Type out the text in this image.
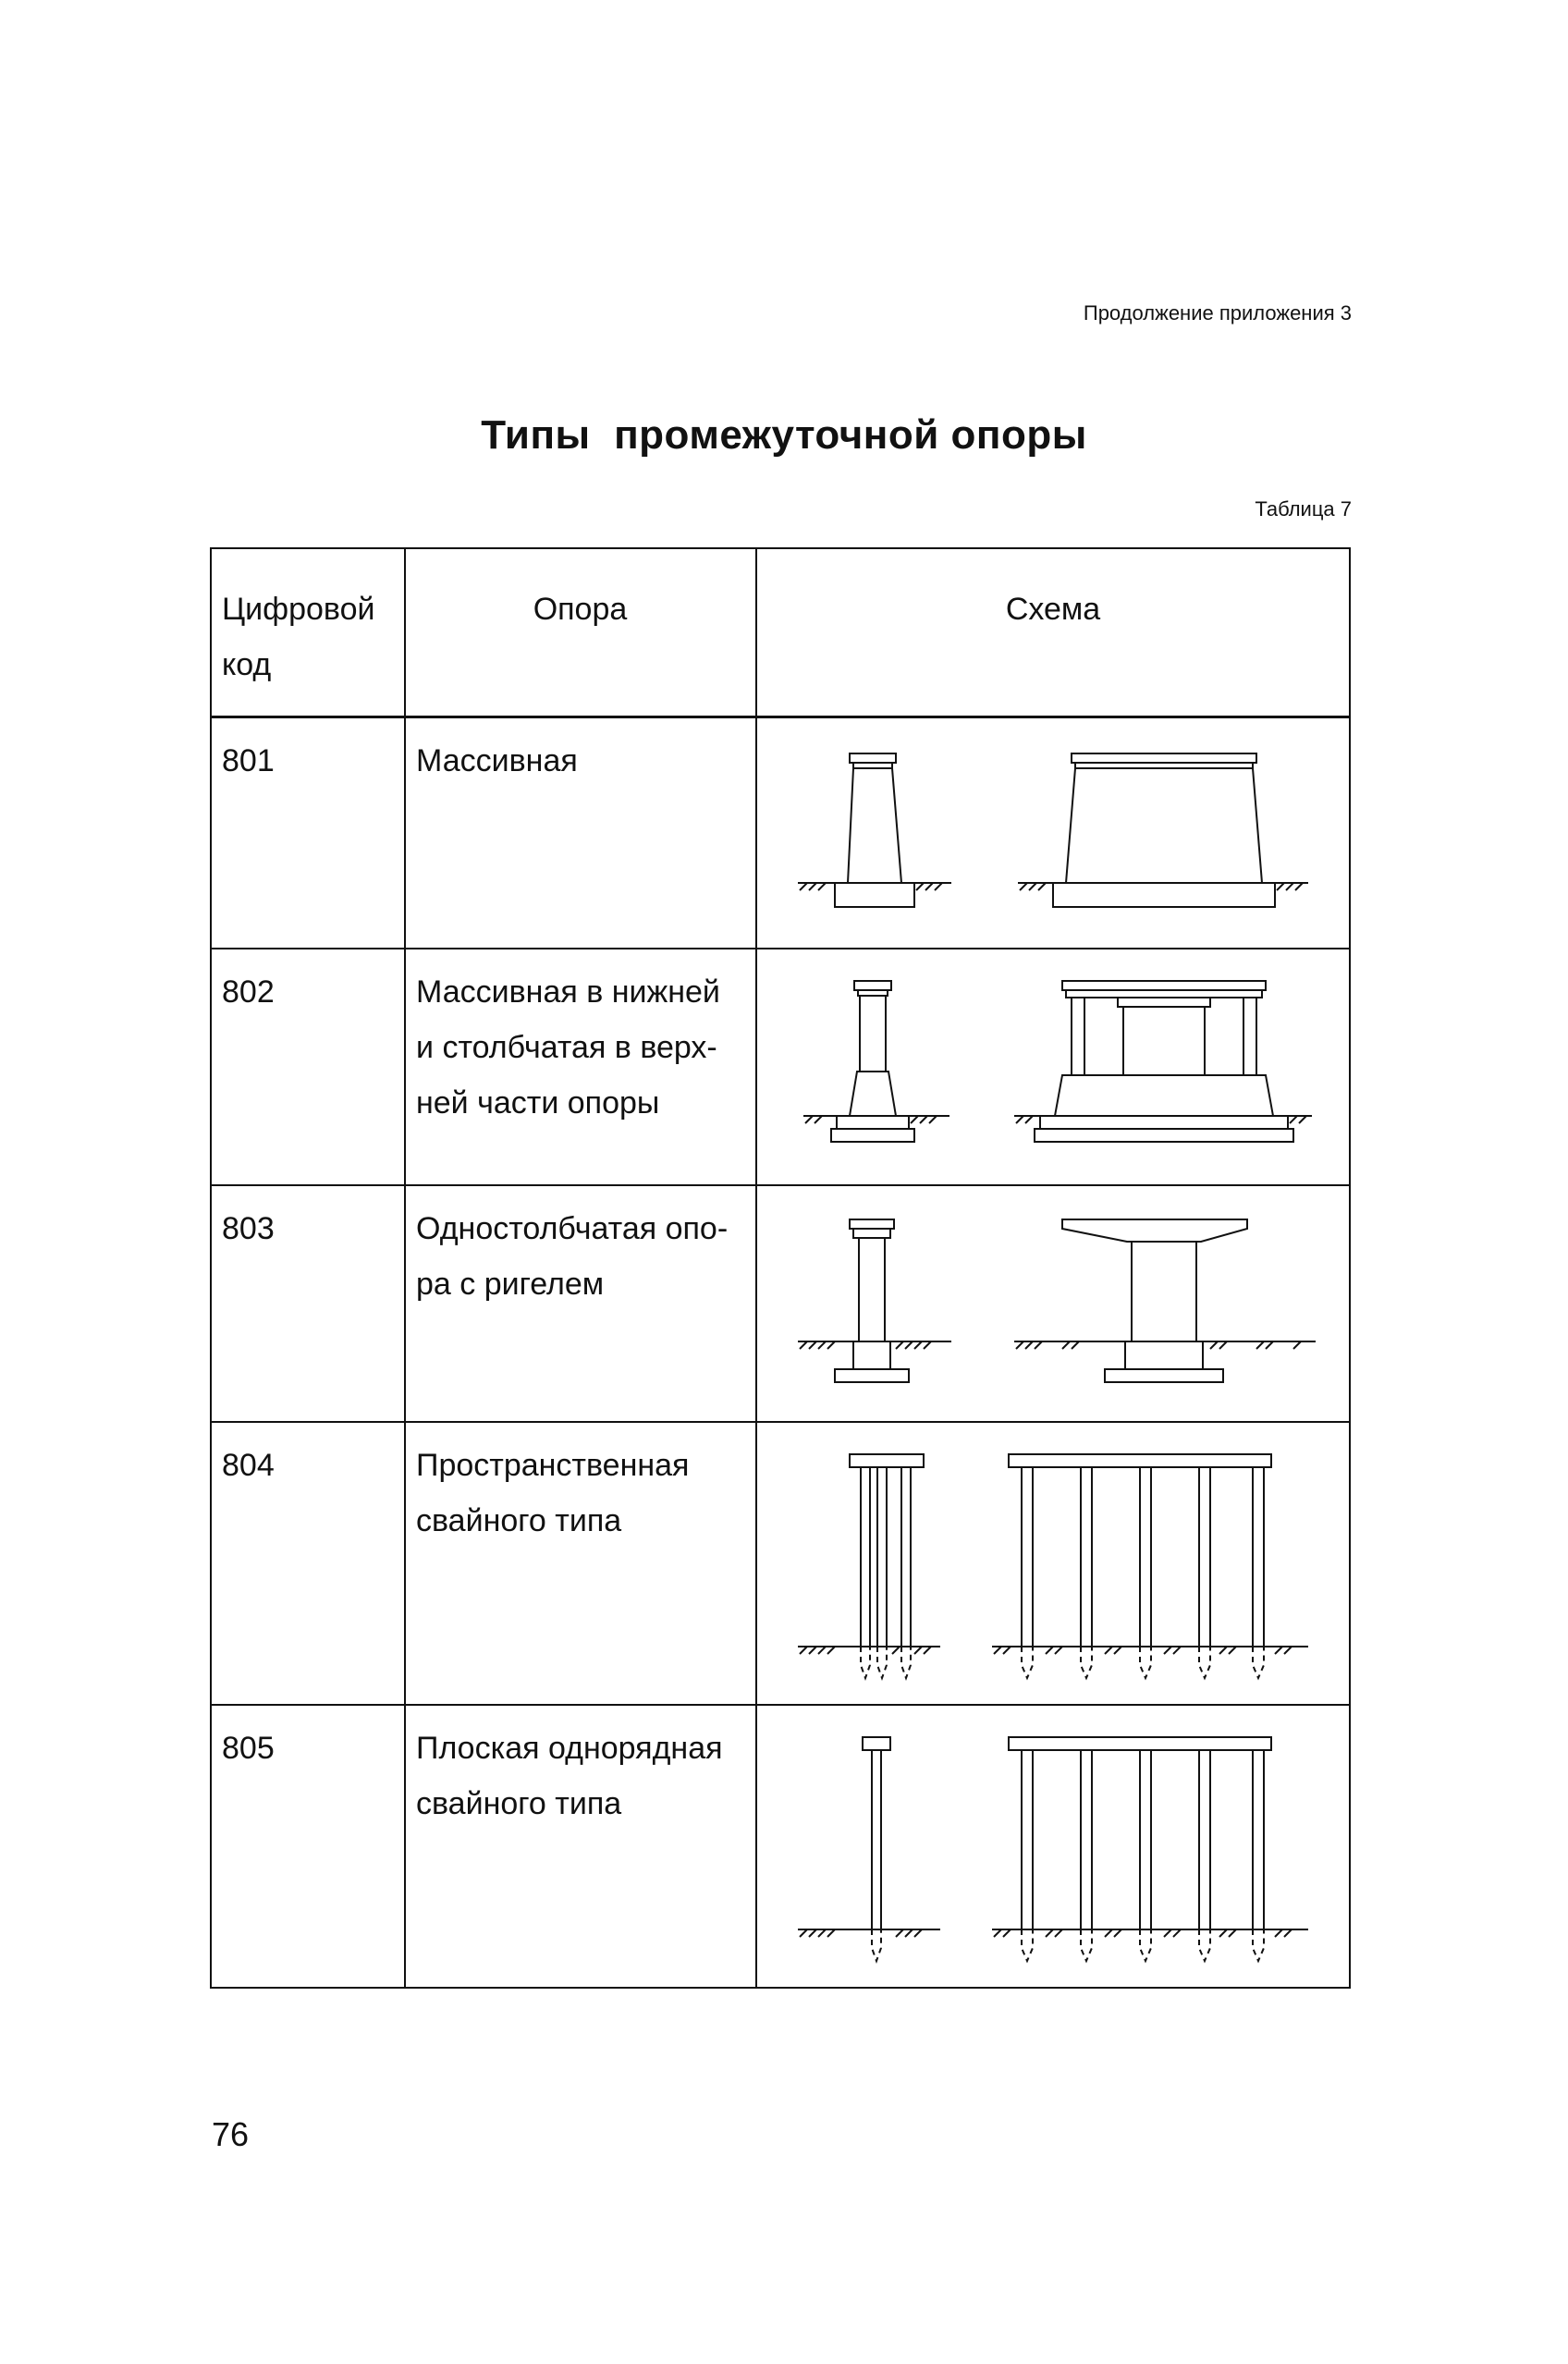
Продолжение приложения 3
Типы  промежуточной опоры
Таблица 7
Цифровой код	Опора	Схема
801	Массивная	

802	Массивная в нижней и столбчатая в верх- ней части опоры	

803	Одностолбчатая опо- ра с ригелем	

804	Пространственная свайного типа	

805	Плоская однорядная свайного типа	
76
